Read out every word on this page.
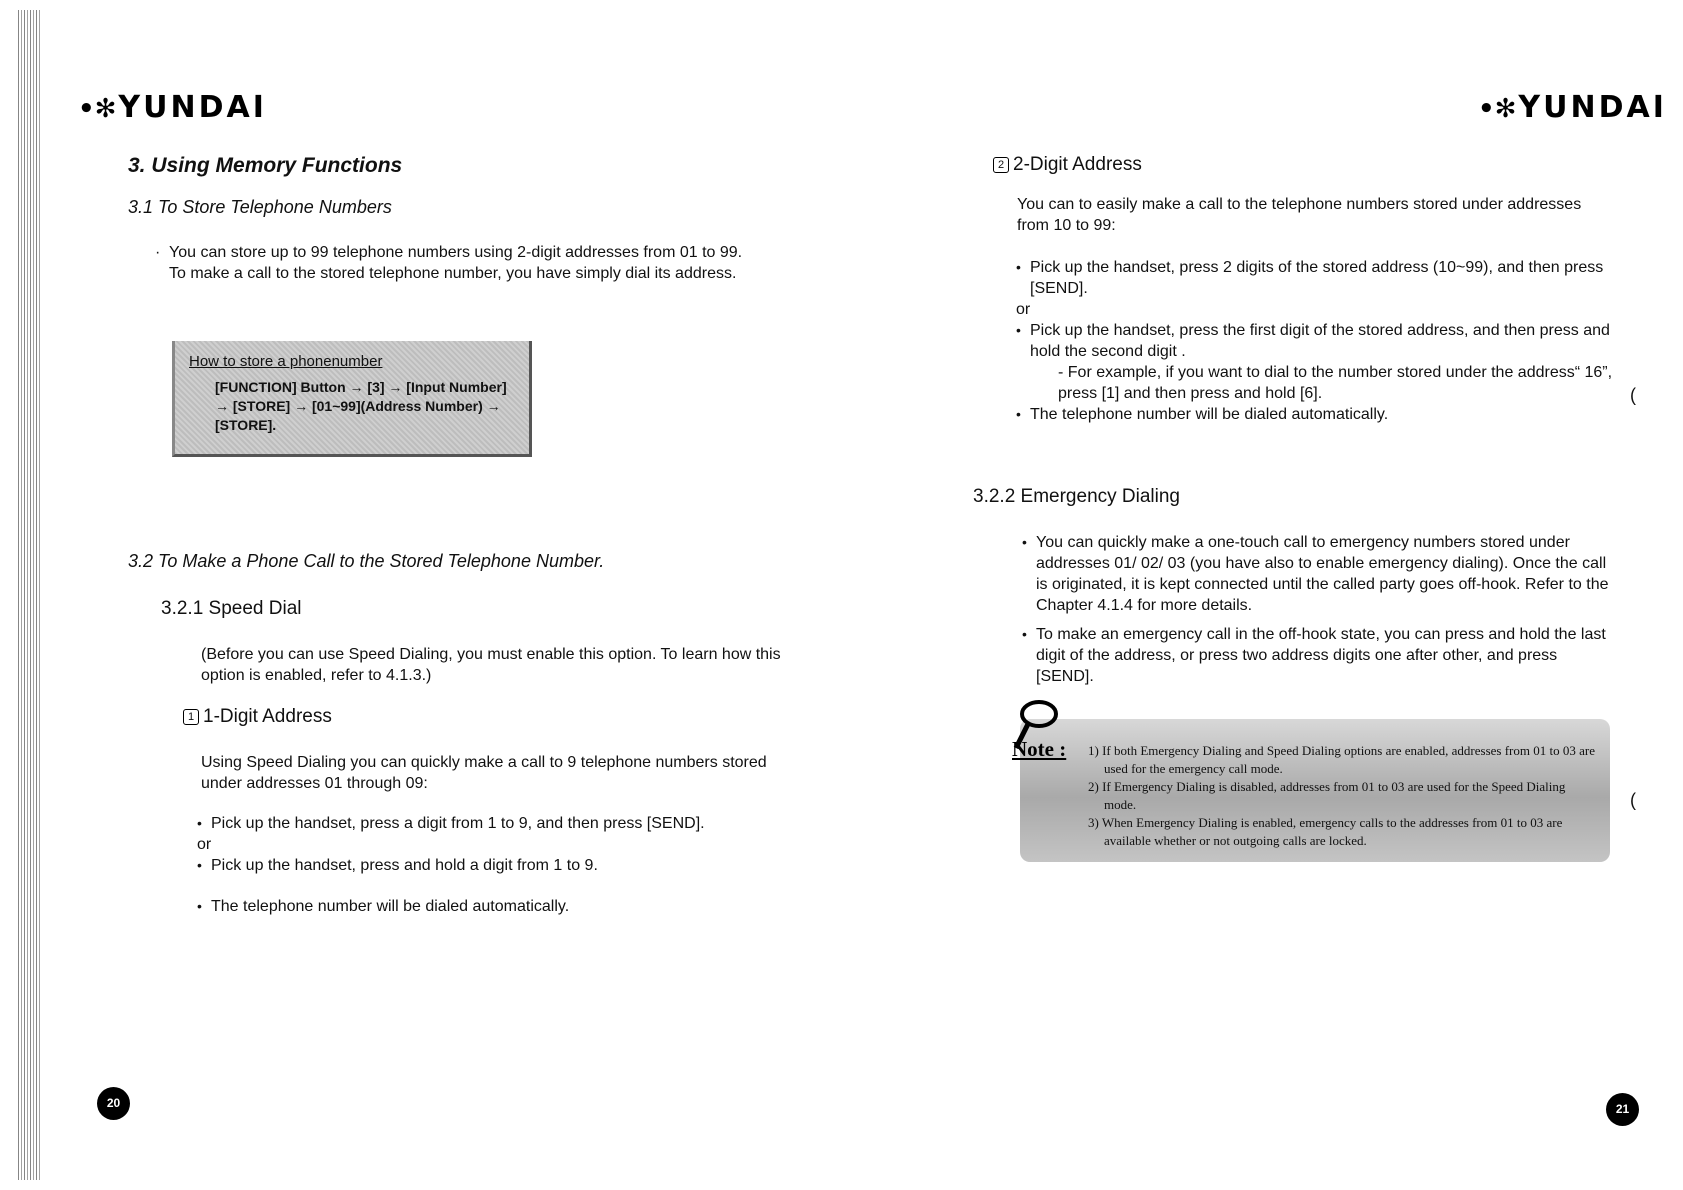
•✻YUNDAI	•✻YUNDAI
3. Using Memory Functions
3.1 To Store Telephone Numbers
· You can store up to 99 telephone numbers using 2-digit addresses from 01 to 99.
To make a call to the stored telephone number, you have simply dial its address.
How to store a phonenumber
[FUNCTION] Button → [3] → [Input Number] → [STORE] → [01~99](Address Number) → [STORE].
3.2 To Make a Phone Call to the Stored Telephone Number.
3.2.1 Speed Dial
(Before you can use Speed Dialing, you must enable this option. To learn how this option is enabled, refer to 4.1.3.)
1 1-Digit Address
Using Speed Dialing you can quickly make a call to 9 telephone numbers stored under addresses 01 through 09:
• Pick up the handset, press a digit from 1 to 9, and then press [SEND].
or
• Pick up the handset, press and hold a digit from 1 to 9.
• The telephone number will be dialed automatically.
20
2 2-Digit Address
You can to easily make a call to the telephone numbers stored under addresses from 10 to 99:
• Pick up the handset, press 2 digits of the stored address (10~99), and then press [SEND].
or
• Pick up the handset, press the first digit of the stored address, and then press and hold the second digit .
- For example, if you want to dial to the number stored under the address“ 16”, press [1] and then press and hold [6].
• The telephone number will be dialed automatically.
(
3.2.2 Emergency Dialing
• You can quickly make a one-touch call to emergency numbers stored under addresses 01/ 02/ 03 (you have also to enable emergency dialing). Once the call is originated, it is kept connected until the called party goes off-hook. Refer to the Chapter 4.1.4 for more details.
• To make an emergency call in the off-hook state, you can press and hold the last digit of the address, or press two address digits one after other, and press [SEND].
Note : 1) If both Emergency Dialing and Speed Dialing options are enabled, addresses from 01 to 03 are used for the emergency call mode.
2) If Emergency Dialing is disabled, addresses from 01 to 03 are used for the Speed Dialing mode.
3) When Emergency Dialing is enabled, emergency calls to the addresses from 01 to 03 are available whether or not outgoing calls are locked.
(
21
